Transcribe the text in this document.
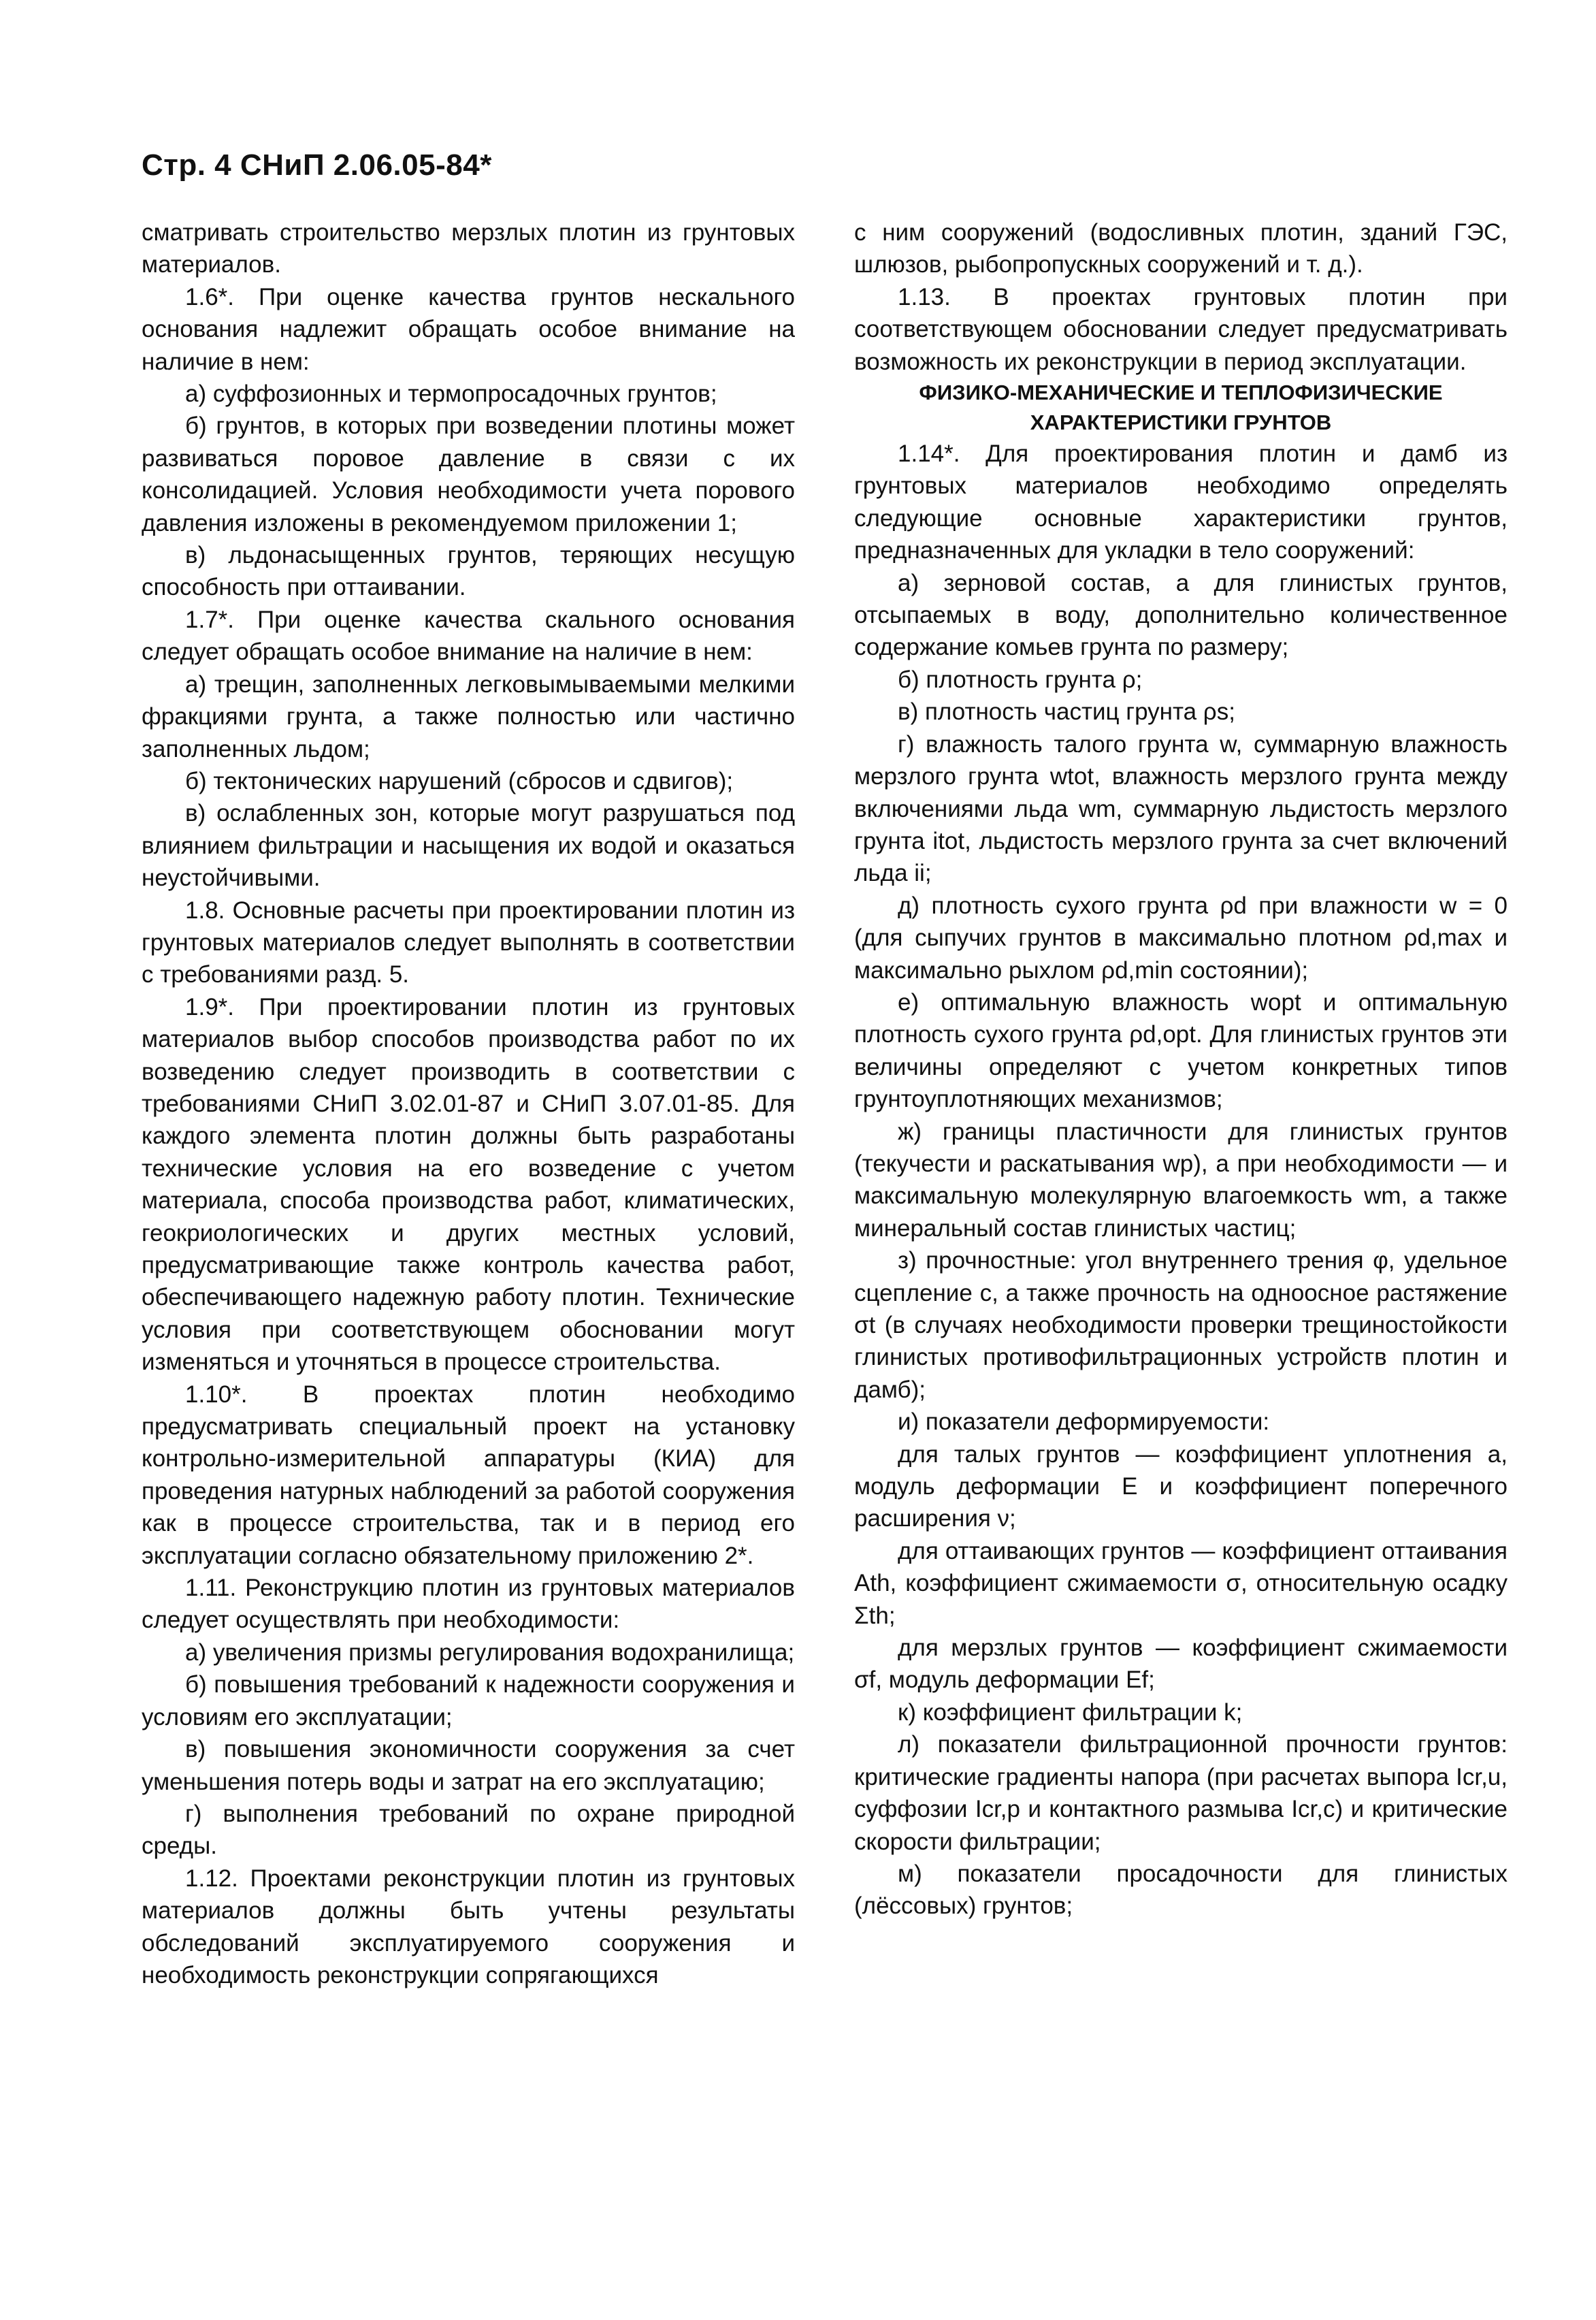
Стр. 4 СНиП 2.06.05-84*

сматривать строительство мерзлых плотин из грунтовых материалов.

1.6*. При оценке качества грунтов нескального основания надлежит обращать особое внимание на наличие в нем:

а) суффозионных и термопросадочных грунтов;

б) грунтов, в которых при возведении плотины может развиваться поровое давление в связи с их консолидацией. Условия необходимости учета порового давления изложены в рекомендуемом приложении 1;

в) льдонасыщенных грунтов, теряющих несущую способность при оттаивании.

1.7*. При оценке качества скального основания следует обращать особое внимание на наличие в нем:

а) трещин, заполненных легковымываемыми мелкими фракциями грунта, а также полностью или частично заполненных льдом;

б) тектонических нарушений (сбросов и сдвигов);

в) ослабленных зон, которые могут разрушаться под влиянием фильтрации и насыщения их водой и оказаться неустойчивыми.

1.8. Основные расчеты при проектировании плотин из грунтовых материалов следует выполнять в соответствии с требованиями разд. 5.

1.9*. При проектировании плотин из грунтовых материалов выбор способов производства работ по их возведению следует производить в соответствии с требованиями СНиП 3.02.01-87 и СНиП 3.07.01-85. Для каждого элемента плотин должны быть разработаны технические условия на его возведение с учетом материала, способа производства работ, климатических, геокриологических и других местных условий, предусматривающие также контроль качества работ, обеспечивающего надежную работу плотин. Технические условия при соответствующем обосновании могут изменяться и уточняться в процессе строительства.

1.10*. В проектах плотин необходимо предусматривать специальный проект на установку контрольно-измерительной аппаратуры (КИА) для проведения натурных наблюдений за работой сооружения как в процессе строительства, так и в период его эксплуатации согласно обязательному приложению 2*.

1.11. Реконструкцию плотин из грунтовых материалов следует осуществлять при необходимости:

а) увеличения призмы регулирования водохранилища;

б) повышения требований к надежности сооружения и условиям его эксплуатации;

в) повышения экономичности сооружения за счет уменьшения потерь воды и затрат на его эксплуатацию;

г) выполнения требований по охране природной среды.

1.12. Проектами реконструкции плотин из грунтовых материалов должны быть учтены результаты обследований эксплуатируемого сооружения и необходимость реконструкции сопрягающихся

с ним сооружений (водосливных плотин, зданий ГЭС, шлюзов, рыбопропускных сооружений и т. д.).

1.13. В проектах грунтовых плотин при соответствующем обосновании следует предусматривать возможность их реконструкции в период эксплуатации.

ФИЗИКО-МЕХАНИЧЕСКИЕ И ТЕПЛОФИЗИЧЕСКИЕ ХАРАКТЕРИСТИКИ ГРУНТОВ

1.14*. Для проектирования плотин и дамб из грунтовых материалов необходимо определять следующие основные характеристики грунтов, предназначенных для укладки в тело сооружений:

а) зерновой состав, а для глинистых грунтов, отсыпаемых в воду, дополнительно количественное содержание комьев грунта по размеру;

б) плотность грунта ρ;

в) плотность частиц грунта ρs;

г) влажность талого грунта w, суммарную влажность мерзлого грунта wtot, влажность мерзлого грунта между включениями льда wm, суммарную льдистость мерзлого грунта itot, льдистость мерзлого грунта за счет включений льда ii;

д) плотность сухого грунта ρd при влажности w = 0 (для сыпучих грунтов в максимально плотном ρd,max и максимально рыхлом ρd,min состоянии);

е) оптимальную влажность wopt и оптимальную плотность сухого грунта ρd,opt. Для глинистых грунтов эти величины определяют с учетом конкретных типов грунтоуплотняющих механизмов;

ж) границы пластичности для глинистых грунтов (текучести и раскатывания wp), а при необходимости — и максимальную молекулярную влагоемкость wm, а также минеральный состав глинистых частиц;

з) прочностные: угол внутреннего трения φ, удельное сцепление c, а также прочность на одноосное растяжение σt (в случаях необходимости проверки трещиностойкости глинистых противофильтрационных устройств плотин и дамб);

и) показатели деформируемости:

для талых грунтов — коэффициент уплотнения a, модуль деформации E и коэффициент поперечного расширения ν;

для оттаивающих грунтов — коэффициент оттаивания Ath, коэффициент сжимаемости σ, относительную осадку Σth;

для мерзлых грунтов — коэффициент сжимаемости σf, модуль деформации Ef;

к) коэффициент фильтрации k;

л) показатели фильтрационной прочности грунтов: критические градиенты напора (при расчетах выпора Icr,u, суффозии Icr,p и контактного размыва Icr,c) и критические скорости фильтрации;

м) показатели просадочности для глинистых (лёссовых) грунтов;
